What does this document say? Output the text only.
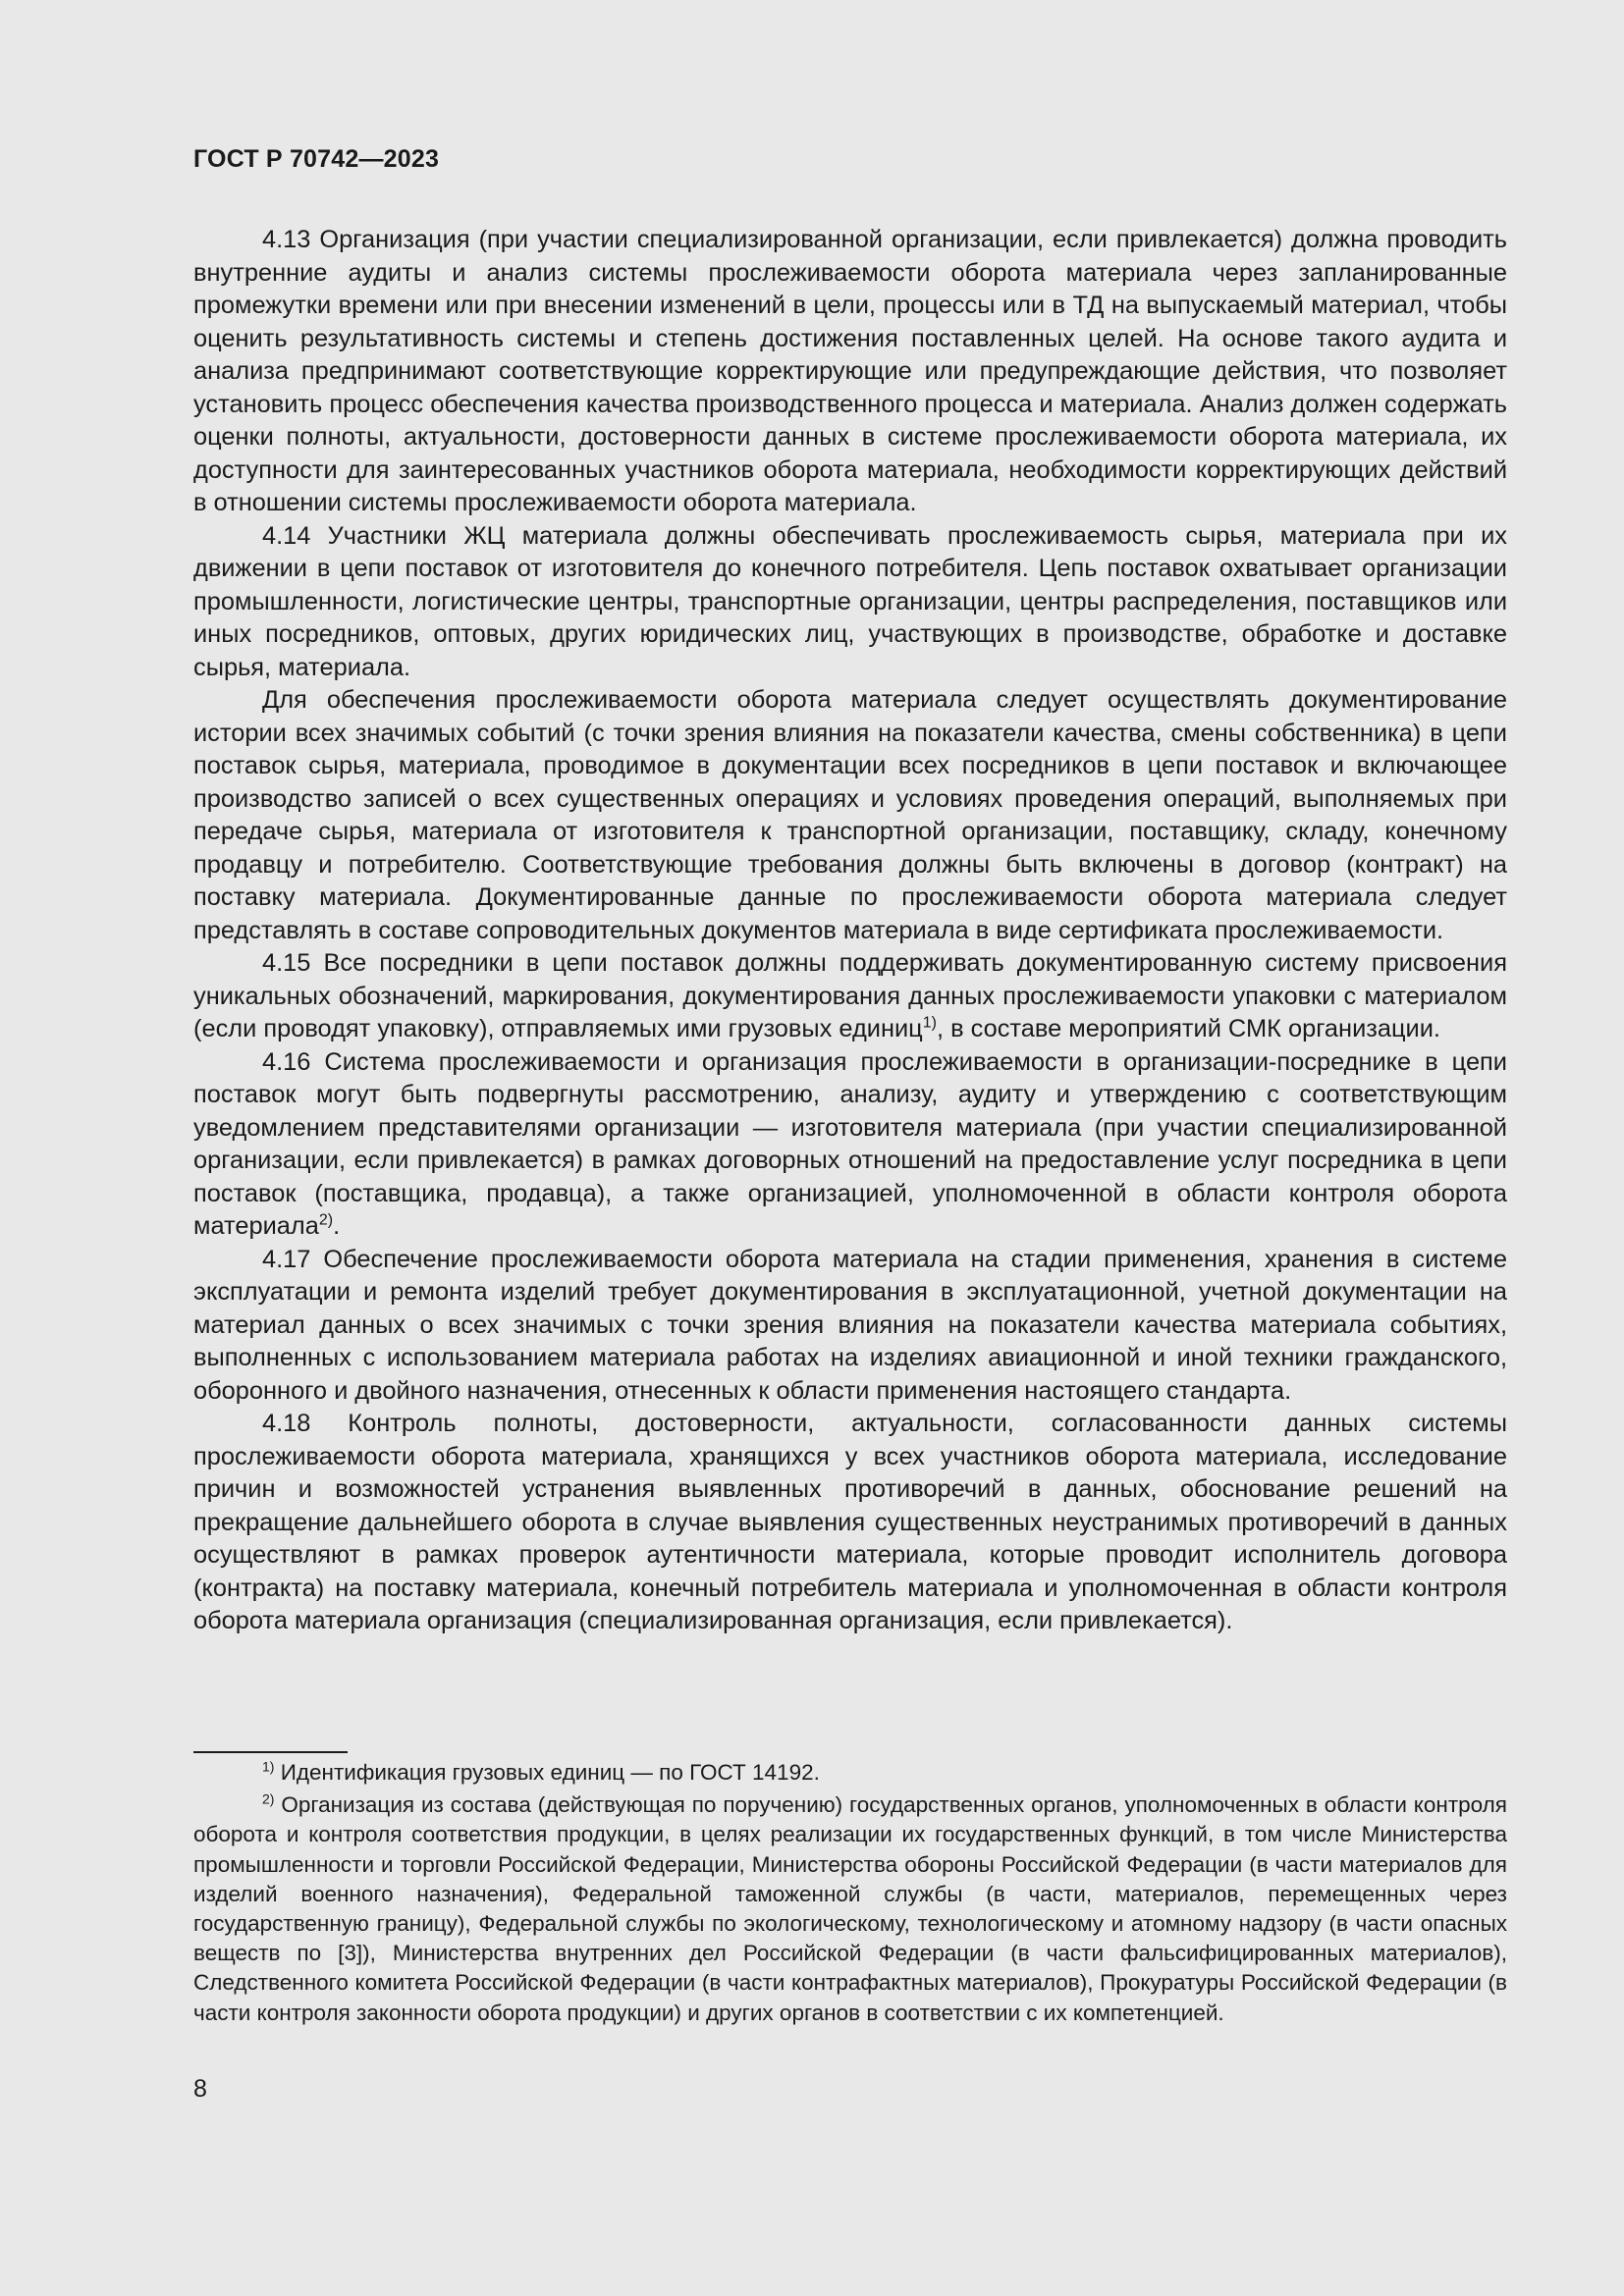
ГОСТ Р 70742—2023

4.13 Организация (при участии специализированной организации, если привлекается) должна проводить внутренние аудиты и анализ системы прослеживаемости оборота материала через запланированные промежутки времени или при внесении изменений в цели, процессы или в ТД на выпускаемый материал, чтобы оценить результативность системы и степень достижения поставленных целей. На основе такого аудита и анализа предпринимают соответствующие корректирующие или предупреждающие действия, что позволяет установить процесс обеспечения качества производственного процесса и материала. Анализ должен содержать оценки полноты, актуальности, достоверности данных в системе прослеживаемости оборота материала, их доступности для заинтересованных участников оборота материала, необходимости корректирующих действий в отношении системы прослеживаемости оборота материала.

4.14 Участники ЖЦ материала должны обеспечивать прослеживаемость сырья, материала при их движении в цепи поставок от изготовителя до конечного потребителя. Цепь поставок охватывает организации промышленности, логистические центры, транспортные организации, центры распределения, поставщиков или иных посредников, оптовых, других юридических лиц, участвующих в производстве, обработке и доставке сырья, материала.

Для обеспечения прослеживаемости оборота материала следует осуществлять документирование истории всех значимых событий (с точки зрения влияния на показатели качества, смены собственника) в цепи поставок сырья, материала, проводимое в документации всех посредников в цепи поставок и включающее производство записей о всех существенных операциях и условиях проведения операций, выполняемых при передаче сырья, материала от изготовителя к транспортной организации, поставщику, складу, конечному продавцу и потребителю. Соответствующие требования должны быть включены в договор (контракт) на поставку материала. Документированные данные по прослеживаемости оборота материала следует представлять в составе сопроводительных документов материала в виде сертификата прослеживаемости.

4.15 Все посредники в цепи поставок должны поддерживать документированную систему присвоения уникальных обозначений, маркирования, документирования данных прослеживаемости упаковки с материалом (если проводят упаковку), отправляемых ими грузовых единиц$^{1)}$, в составе мероприятий СМК организации.

4.16 Система прослеживаемости и организация прослеживаемости в организации-посреднике в цепи поставок могут быть подвергнуты рассмотрению, анализу, аудиту и утверждению с соответствующим уведомлением представителями организации — изготовителя материала (при участии специализированной организации, если привлекается) в рамках договорных отношений на предоставление услуг посредника в цепи поставок (поставщика, продавца), а также организацией, уполномоченной в области контроля оборота материала$^{2)}$.

4.17 Обеспечение прослеживаемости оборота материала на стадии применения, хранения в системе эксплуатации и ремонта изделий требует документирования в эксплуатационной, учетной документации на материал данных о всех значимых с точки зрения влияния на показатели качества материала событиях, выполненных с использованием материала работах на изделиях авиационной и иной техники гражданского, оборонного и двойного назначения, отнесенных к области применения настоящего стандарта.

4.18 Контроль полноты, достоверности, актуальности, согласованности данных системы прослеживаемости оборота материала, хранящихся у всех участников оборота материала, исследование причин и возможностей устранения выявленных противоречий в данных, обоснование решений на прекращение дальнейшего оборота в случае выявления существенных неустранимых противоречий в данных осуществляют в рамках проверок аутентичности материала, которые проводит исполнитель договора (контракта) на поставку материала, конечный потребитель материала и уполномоченная в области контроля оборота материала организация (специализированная организация, если привлекается).

$^{1)}$ Идентификация грузовых единиц — по ГОСТ 14192.

$^{2)}$ Организация из состава (действующая по поручению) государственных органов, уполномоченных в области контроля оборота и контроля соответствия продукции, в целях реализации их государственных функций, в том числе Министерства промышленности и торговли Российской Федерации, Министерства обороны Российской Федерации (в части материалов для изделий военного назначения), Федеральной таможенной службы (в части, материалов, перемещенных через государственную границу), Федеральной службы по экологическому, технологическому и атомному надзору (в части опасных веществ по [3]), Министерства внутренних дел Российской Федерации (в части фальсифицированных материалов), Следственного комитета Российской Федерации (в части контрафактных материалов), Прокуратуры Российской Федерации (в части контроля законности оборота продукции) и других органов в соответствии с их компетенцией.

8
